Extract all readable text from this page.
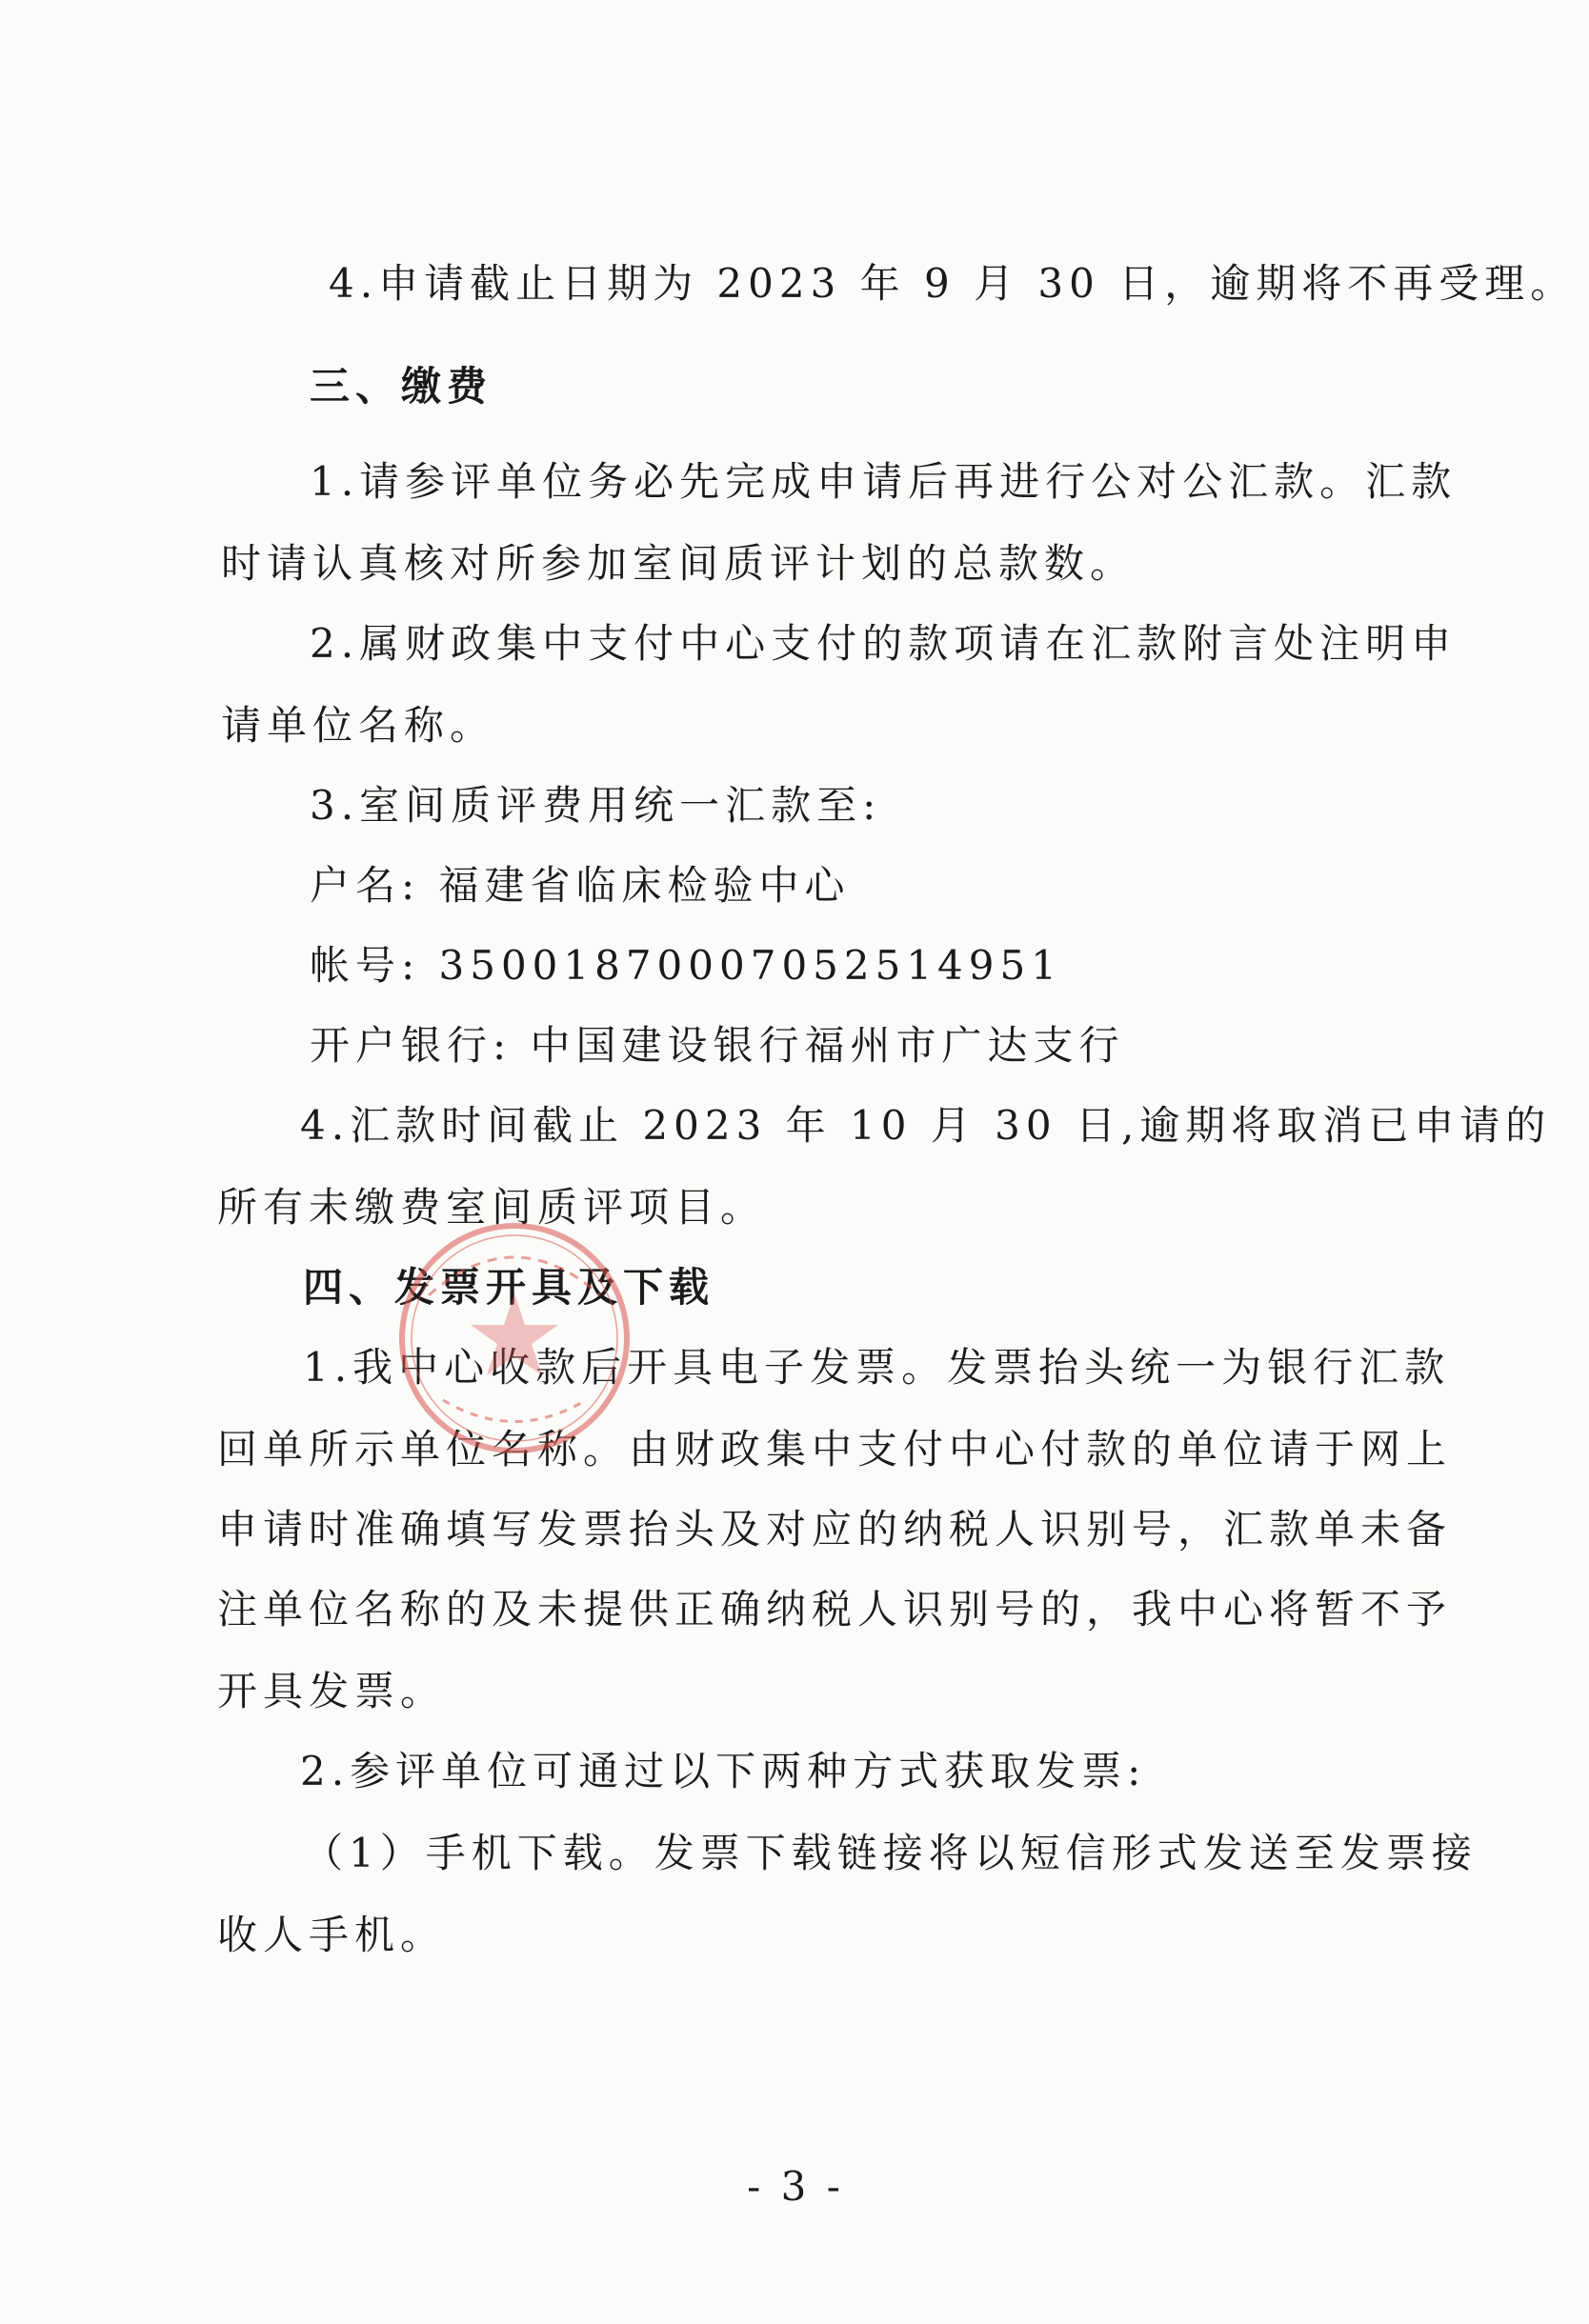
4.申请截止日期为 2023 年 9 月 30 日，逾期将不再受理。
三、缴费
1.请参评单位务必先完成申请后再进行公对公汇款。汇款
时请认真核对所参加室间质评计划的总款数。
2.属财政集中支付中心支付的款项请在汇款附言处注明申
请单位名称。
3.室间质评费用统一汇款至:
户名: 福建省临床检验中心
帐号: 35001870007052514951
开户银行: 中国建设银行福州市广达支行
4.汇款时间截止 2023 年 10 月 30 日,逾期将取消已申请的
所有未缴费室间质评项目。
四、发票开具及下载
1.我中心收款后开具电子发票。发票抬头统一为银行汇款
回单所示单位名称。由财政集中支付中心付款的单位请于网上
申请时准确填写发票抬头及对应的纳税人识别号，汇款单未备
注单位名称的及未提供正确纳税人识别号的，我中心将暂不予
开具发票。
2.参评单位可通过以下两种方式获取发票:
（1）手机下载。发票下载链接将以短信形式发送至发票接
收人手机。
- 3 -
